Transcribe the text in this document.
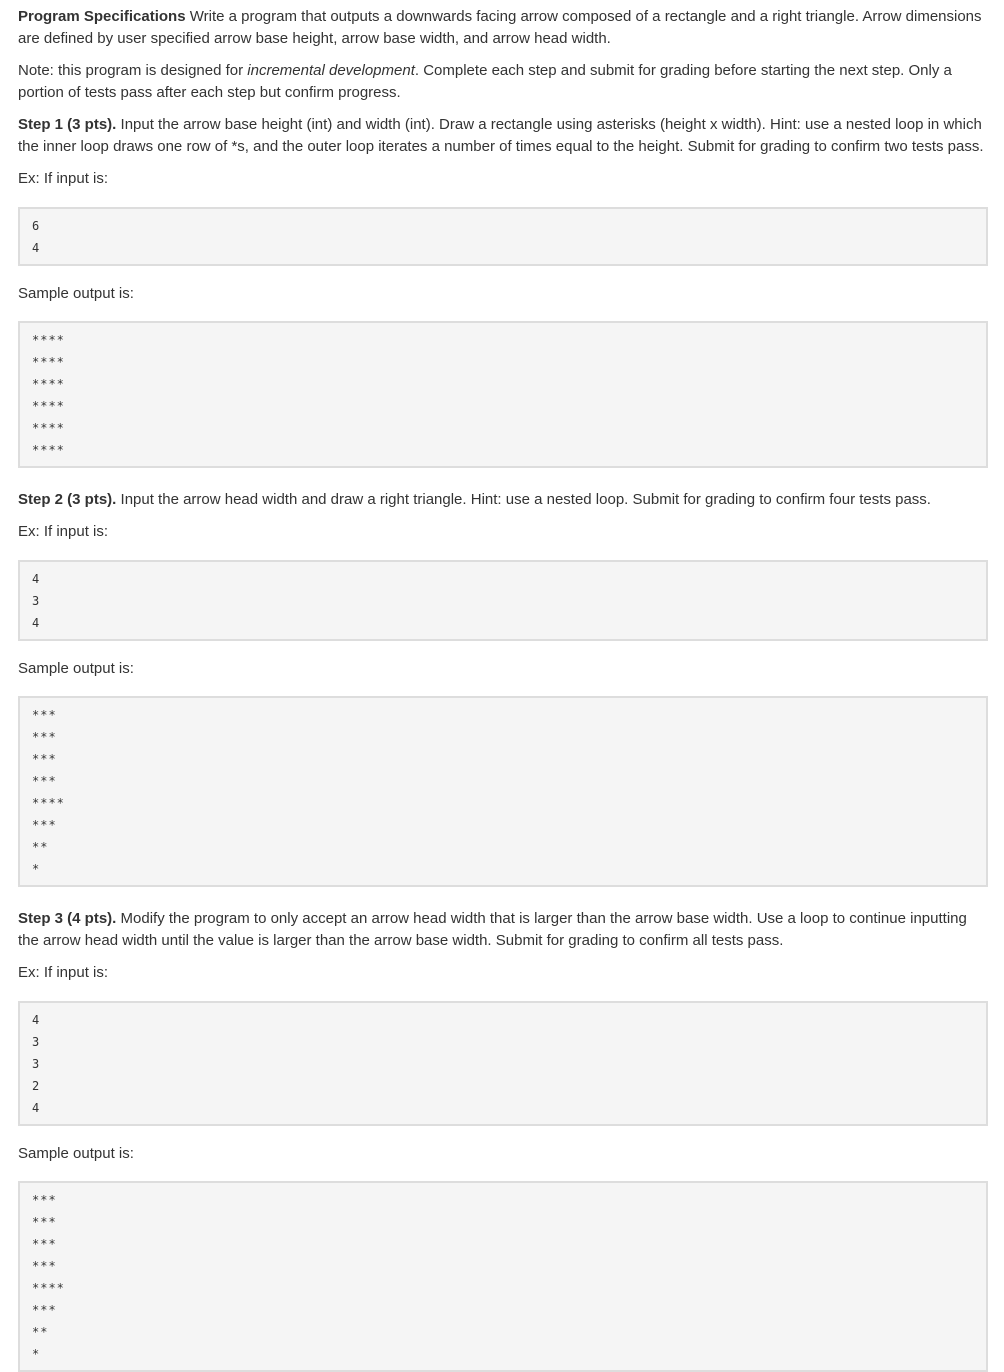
Program Specifications Write a program that outputs a downwards facing arrow composed of a rectangle and a right triangle. Arrow dimensions are defined by user specified arrow base height, arrow base width, and arrow head width.

Note: this program is designed for incremental development. Complete each step and submit for grading before starting the next step. Only a portion of tests pass after each step but confirm progress.

Step 1 (3 pts). Input the arrow base height (int) and width (int). Draw a rectangle using asterisks (height x width). Hint: use a nested loop in which the inner loop draws one row of *s, and the outer loop iterates a number of times equal to the height. Submit for grading to confirm two tests pass.

Ex: If input is:

6
4

Sample output is:

****
****
****
****
****
****

Step 2 (3 pts). Input the arrow head width and draw a right triangle. Hint: use a nested loop. Submit for grading to confirm four tests pass.

Ex: If input is:

4
3
4

Sample output is:

***
***
***
***
****
***
**
*

Step 3 (4 pts). Modify the program to only accept an arrow head width that is larger than the arrow base width. Use a loop to continue inputting the arrow head width until the value is larger than the arrow base width. Submit for grading to confirm all tests pass.

Ex: If input is:

4
3
3
2
4

Sample output is:

***
***
***
***
****
***
**
*
